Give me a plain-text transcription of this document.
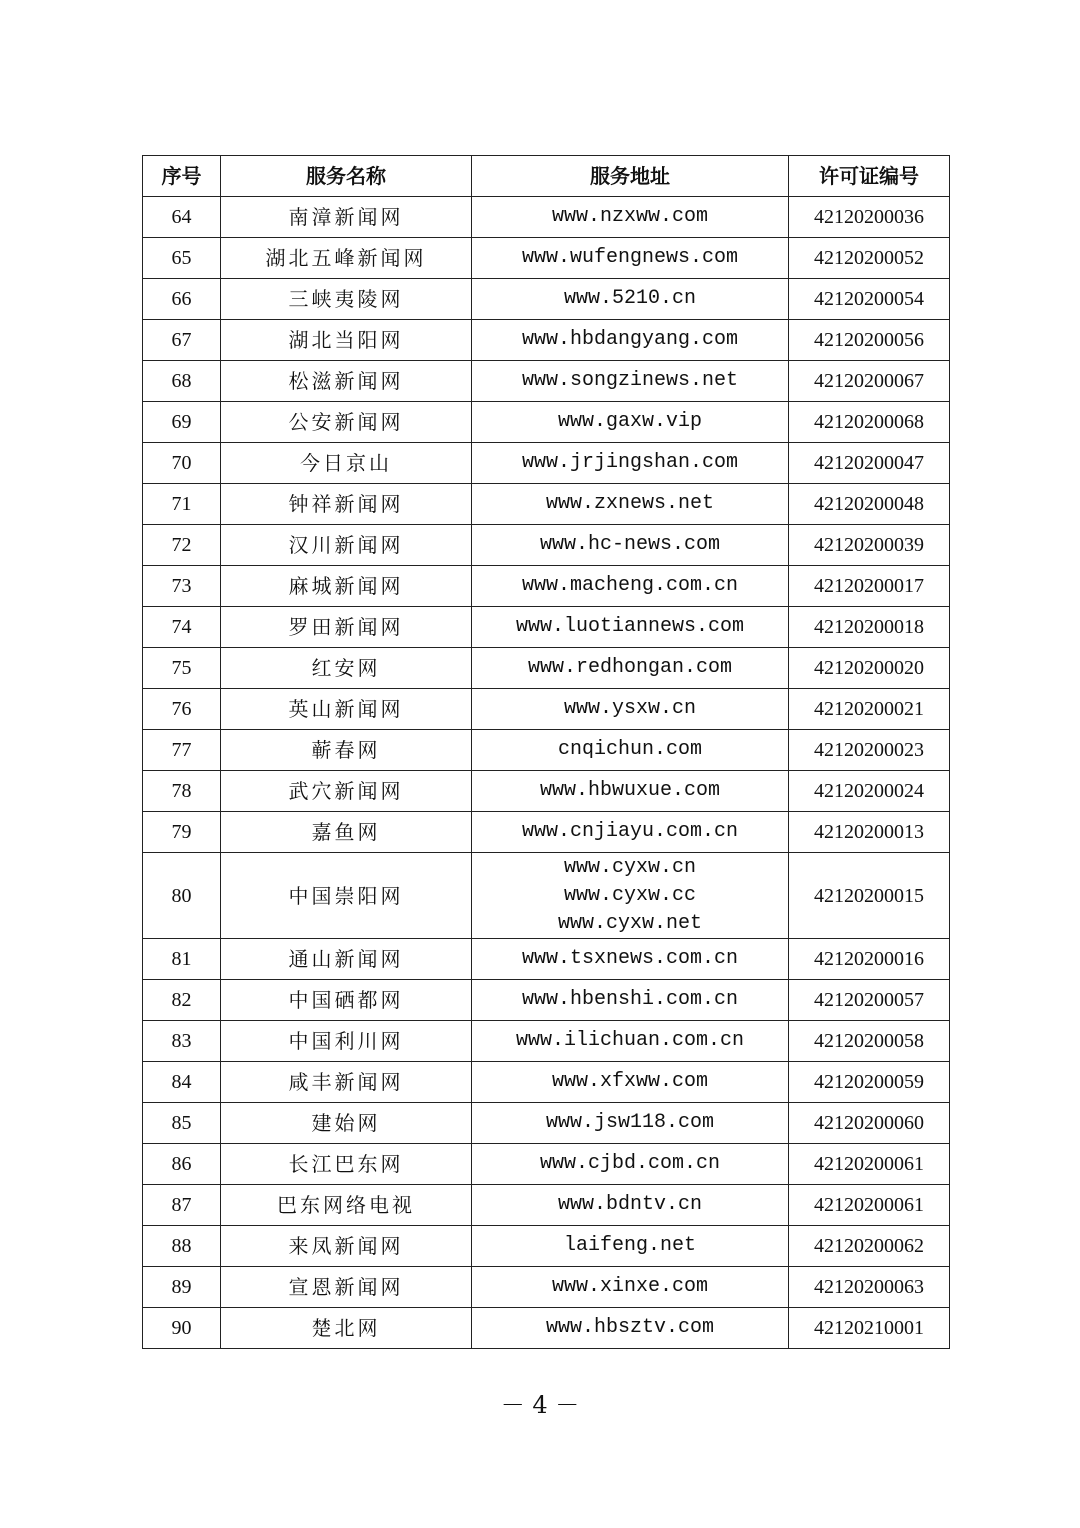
序号	服务名称	服务地址	许可证编号
64	南漳新闻网	www.nzxww.com	42120200036
65	湖北五峰新闻网	www.wufengnews.com	42120200052
66	三峡夷陵网	www.5210.cn	42120200054
67	湖北当阳网	www.hbdangyang.com	42120200056
68	松滋新闻网	www.songzinews.net	42120200067
69	公安新闻网	www.gaxw.vip	42120200068
70	今日京山	www.jrjingshan.com	42120200047
71	钟祥新闻网	www.zxnews.net	42120200048
72	汉川新闻网	www.hc-news.com	42120200039
73	麻城新闻网	www.macheng.com.cn	42120200017
74	罗田新闻网	www.luotiannews.com	42120200018
75	红安网	www.redhongan.com	42120200020
76	英山新闻网	www.ysxw.cn	42120200021
77	蕲春网	cnqichun.com	42120200023
78	武穴新闻网	www.hbwuxue.com	42120200024
79	嘉鱼网	www.cnjiayu.com.cn	42120200013
80	中国崇阳网	www.cyxw.cn
www.cyxw.cc
www.cyxw.net	42120200015
81	通山新闻网	www.tsxnews.com.cn	42120200016
82	中国硒都网	www.hbenshi.com.cn	42120200057
83	中国利川网	www.ilichuan.com.cn	42120200058
84	咸丰新闻网	www.xfxww.com	42120200059
85	建始网	www.jsw118.com	42120200060
86	长江巴东网	www.cjbd.com.cn	42120200061
87	巴东网络电视	www.bdntv.cn	42120200061
88	来凤新闻网	laifeng.net	42120200062
89	宣恩新闻网	www.xinxe.com	42120200063
90	楚北网	www.hbsztv.com	42120210001
－ 4 －
